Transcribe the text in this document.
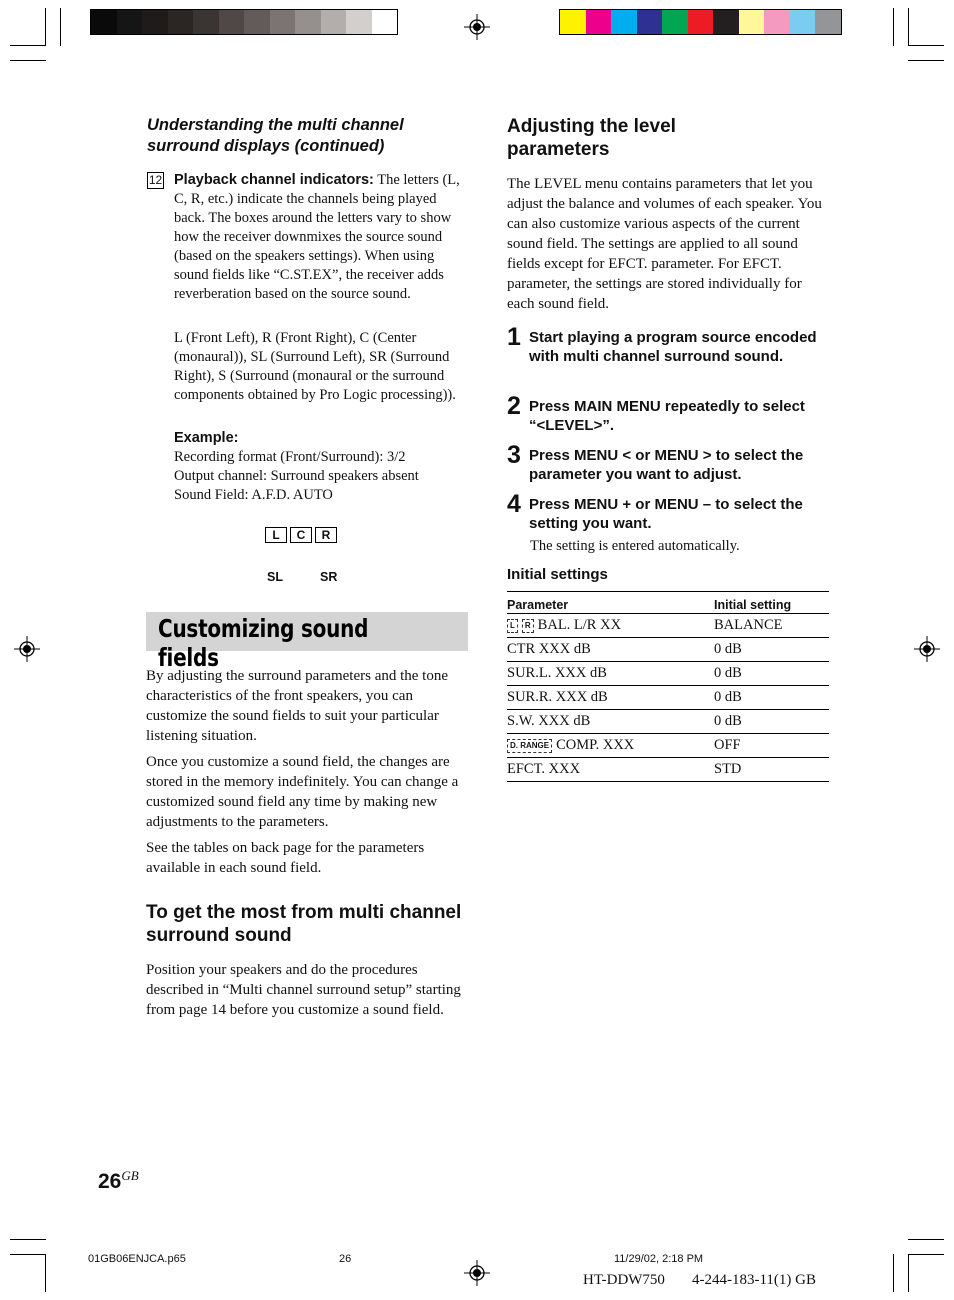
Understanding the multi channel surround displays (continued)
12 Playback channel indicators: The letters (L, C, R, etc.) indicate the channels being played back. The boxes around the letters vary to show how the receiver downmixes the source sound (based on the speakers settings). When using sound fields like “C.ST.EX”, the receiver adds reverberation based on the source sound.
L (Front Left), R (Front Right), C (Center (monaural)), SL (Surround Left), SR (Surround Right), S (Surround (monaural or the surround components obtained by Pro Logic processing)).
Example:
Recording format (Front/Surround): 3/2
Output channel: Surround speakers absent
Sound Field: A.F.D. AUTO
L C R
SL	SR
Customizing sound fields

By adjusting the surround parameters and the tone characteristics of the front speakers, you can customize the sound fields to suit your particular listening situation.

Once you customize a sound field, the changes are stored in the memory indefinitely. You can change a customized sound field any time by making new adjustments to the parameters.

See the tables on back page for the parameters available in each sound field.

To get the most from multi channel surround sound
Position your speakers and do the procedures described in “Multi channel surround setup” starting from page 14 before you customize a sound field.
Adjusting the level parameters
The LEVEL menu contains parameters that let you adjust the balance and volumes of each speaker. You can also customize various aspects of the current sound field. The settings are applied to all sound fields except for EFCT. parameter. For EFCT. parameter, the settings are stored individually for each sound field.
1 Start playing a program source encoded with multi channel surround sound.
2 Press MAIN MENU repeatedly to select “<LEVEL>”.
3 Press MENU < or MENU > to select the parameter you want to adjust.
4 Press MENU + or MENU – to select the setting you want.
The setting is entered automatically.
Initial settings
Parameter	Initial setting
L R BAL. L/R XX	BALANCE
CTR XXX dB	0 dB
SUR.L. XXX dB	0 dB
SUR.R. XXX dB	0 dB
S.W. XXX dB	0 dB
D. RANGE COMP. XXX	OFF
EFCT. XXX	STD
$26^{GB}$
01GB06ENJCA.p65	26	11/29/02, 2:18 PM
HT-DDW750 4-244-183-11(1) GB
